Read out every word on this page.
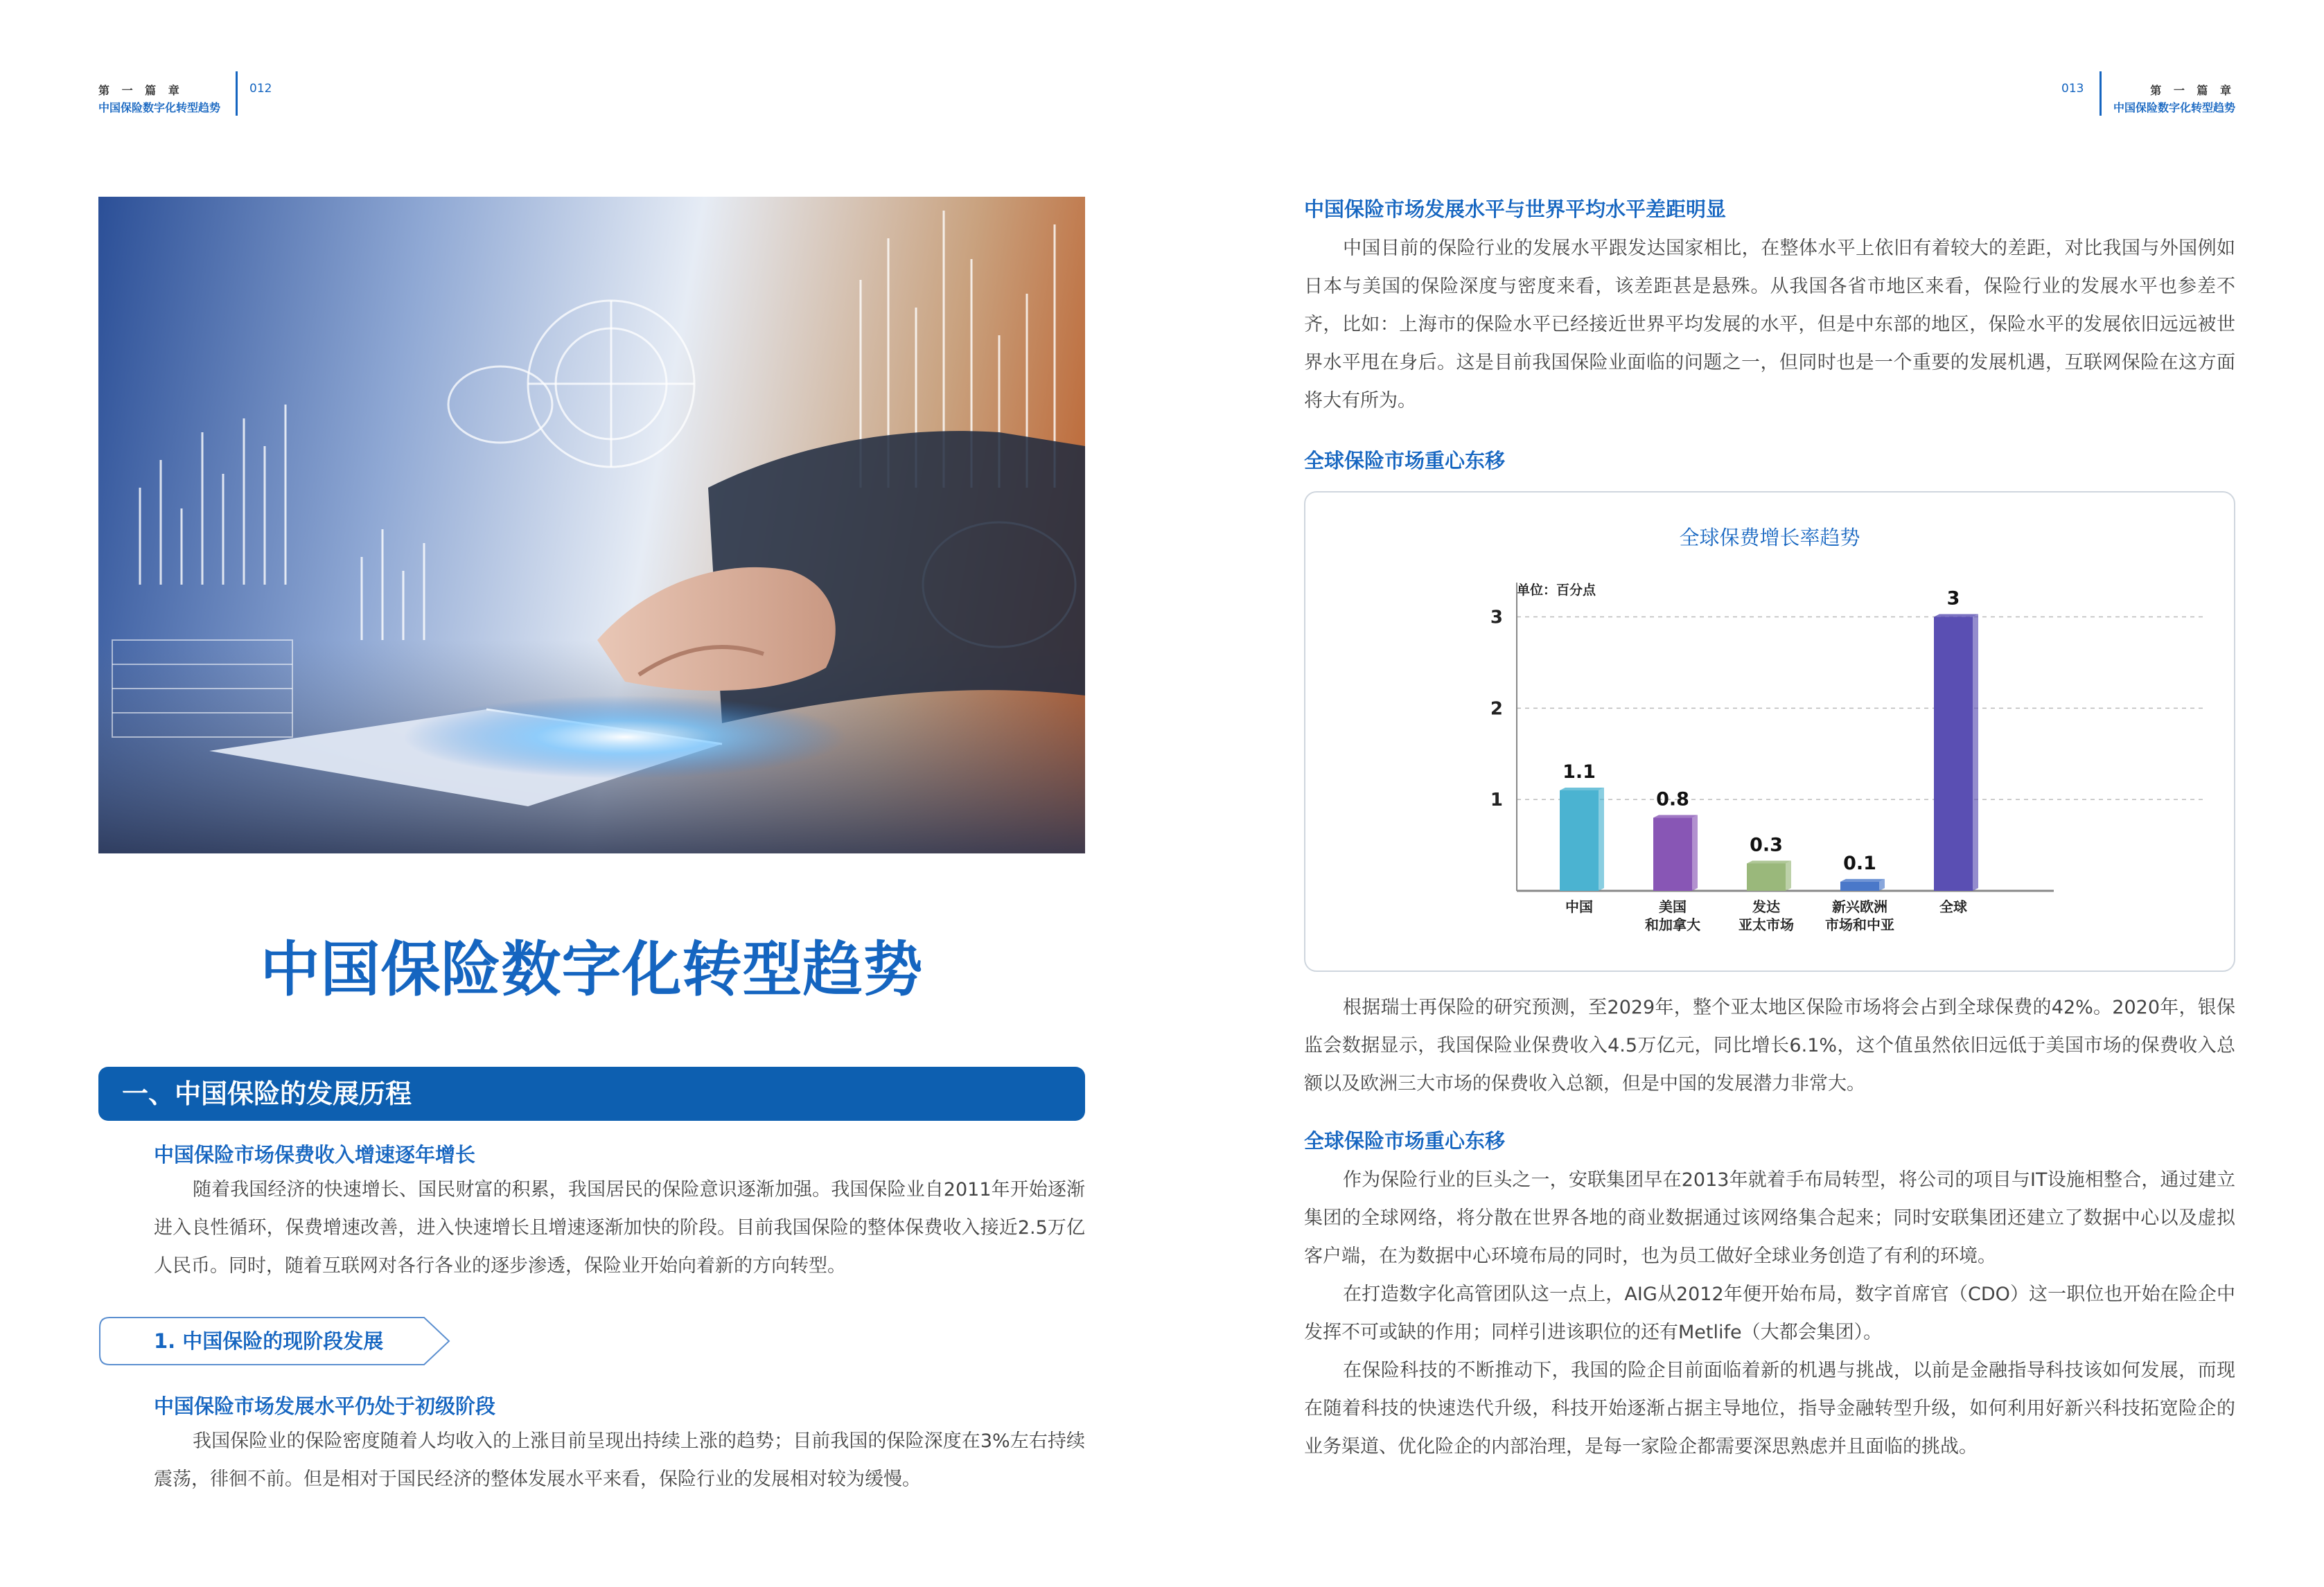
第 一 篇 章
中国保险数字化转型趋势
012	013	第 一 篇 章
中国保险数字化转型趋势
中国保险数字化转型趋势
一、中国保险的发展历程
中国保险市场保费收入增速逐年增长
随着我国经济的快速增长、国民财富的积累，我国居民的保险意识逐渐加强。我国保险业自2011年开始逐渐进入良性循环，保费增速改善，进入快速增长且增速逐渐加快的阶段。目前我国保险的整体保费收入接近2.5万亿人民币。同时，随着互联网对各行各业的逐步渗透，保险业开始向着新的方向转型。
1. 中国保险的现阶段发展
中国保险市场发展水平仍处于初级阶段
我国保险业的保险密度随着人均收入的上涨目前呈现出持续上涨的趋势；目前我国的保险深度在3%左右持续震荡，徘徊不前。但是相对于国民经济的整体发展水平来看，保险行业的发展相对较为缓慢。
中国保险市场发展水平与世界平均水平差距明显
中国目前的保险行业的发展水平跟发达国家相比，在整体水平上依旧有着较大的差距，对比我国与外国例如日本与美国的保险深度与密度来看，该差距甚是悬殊。从我国各省市地区来看，保险行业的发展水平也参差不齐，比如：上海市的保险水平已经接近世界平均发展的水平，但是中东部的地区，保险水平的发展依旧远远被世界水平甩在身后。这是目前我国保险业面临的问题之一，但同时也是一个重要的发展机遇，互联网保险在这方面将大有所为。
全球保险市场重心东移
全球保费增长率趋势
单位：百分点
1
2
3
1.1
中国
0.8
美国
和加拿大
0.3
发达
亚太市场
0.1
新兴欧洲
市场和中亚
3
全球
根据瑞士再保险的研究预测，至2029年，整个亚太地区保险市场将会占到全球保费的42%。2020年，银保监会数据显示，我国保险业保费收入4.5万亿元，同比增长6.1%，这个值虽然依旧远低于美国市场的保费收入总额以及欧洲三大市场的保费收入总额，但是中国的发展潜力非常大。
全球保险市场重心东移
作为保险行业的巨头之一，安联集团早在2013年就着手布局转型，将公司的项目与IT设施相整合，通过建立集团的全球网络，将分散在世界各地的商业数据通过该网络集合起来；同时安联集团还建立了数据中心以及虚拟客户端，在为数据中心环境布局的同时，也为员工做好全球业务创造了有利的环境。
在打造数字化高管团队这一点上，AIG从2012年便开始布局，数字首席官（CDO）这一职位也开始在险企中发挥不可或缺的作用；同样引进该职位的还有Metlife（大都会集团）。
在保险科技的不断推动下，我国的险企目前面临着新的机遇与挑战，以前是金融指导科技该如何发展，而现在随着科技的快速迭代升级，科技开始逐渐占据主导地位，指导金融转型升级，如何利用好新兴科技拓宽险企的业务渠道、优化险企的内部治理，是每一家险企都需要深思熟虑并且面临的挑战。
